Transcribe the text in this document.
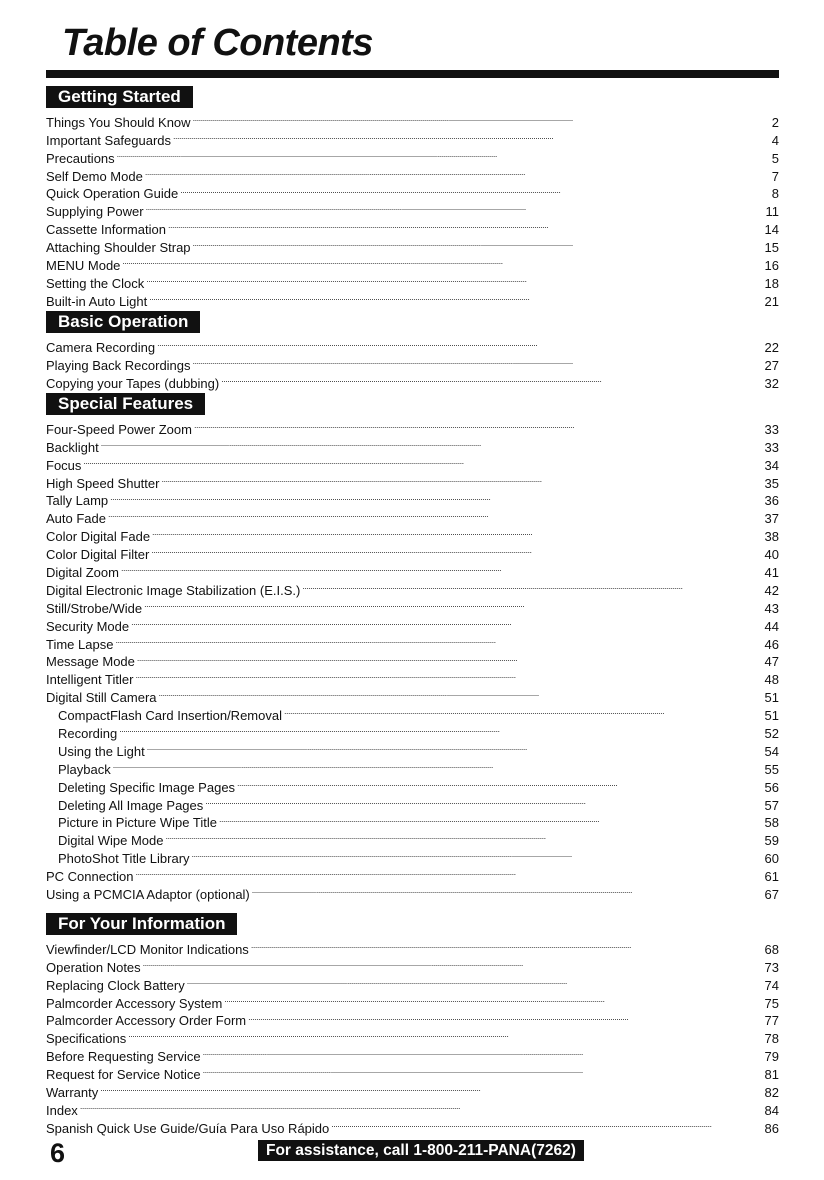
Table of Contents
Getting Started
Things You Should Know . . .	2
Important Safeguards . . .	4
Precautions . . .	5
Self Demo Mode . . .	7
Quick Operation Guide . . .	8
Supplying Power . . .	11
Cassette Information . . .	14
Attaching Shoulder Strap . . .	15
MENU Mode . . .	16
Setting the Clock . . .	18
Built-in Auto Light . . .	21
Basic Operation
Camera Recording . . .	22
Playing Back Recordings . . .	27
Copying your Tapes (dubbing) . . .	32
Special Features
Four-Speed Power Zoom . . .	33
Backlight . . .	33
Focus . . .	34
High Speed Shutter . . .	35
Tally Lamp . . .	36
Auto Fade . . .	37
Color Digital Fade . . .	38
Color Digital Filter . . .	40
Digital Zoom . . .	41
Digital Electronic Image Stabilization (E.I.S.) . . .	42
Still/Strobe/Wide . . .	43
Security Mode . . .	44
Time Lapse . . .	46
Message Mode . . .	47
Intelligent Titler . . .	48
Digital Still Camera . . .	51
CompactFlash Card Insertion/Removal . . .	51
Recording . . .	52
Using the Light . . .	54
Playback . . .	55
Deleting Specific Image Pages . . .	56
Deleting All Image Pages . . .	57
Picture in Picture Wipe Title . . .	58
Digital Wipe Mode . . .	59
PhotoShot Title Library . . .	60
PC Connection . . .	61
Using a PCMCIA Adaptor (optional) . . .	67
For Your Information
Viewfinder/LCD Monitor Indications . . .	68
Operation Notes . . .	73
Replacing Clock Battery . . .	74
Palmcorder Accessory System . . .	75
Palmcorder Accessory Order Form . . .	77
Specifications . . .	78
Before Requesting Service . . .	79
Request for Service Notice . . .	81
Warranty . . .	82
Index . . .	84
Spanish Quick Use Guide/Guía Para Uso Rápido . . .	86
6	For assistance, call 1-800-211-PANA(7262)
